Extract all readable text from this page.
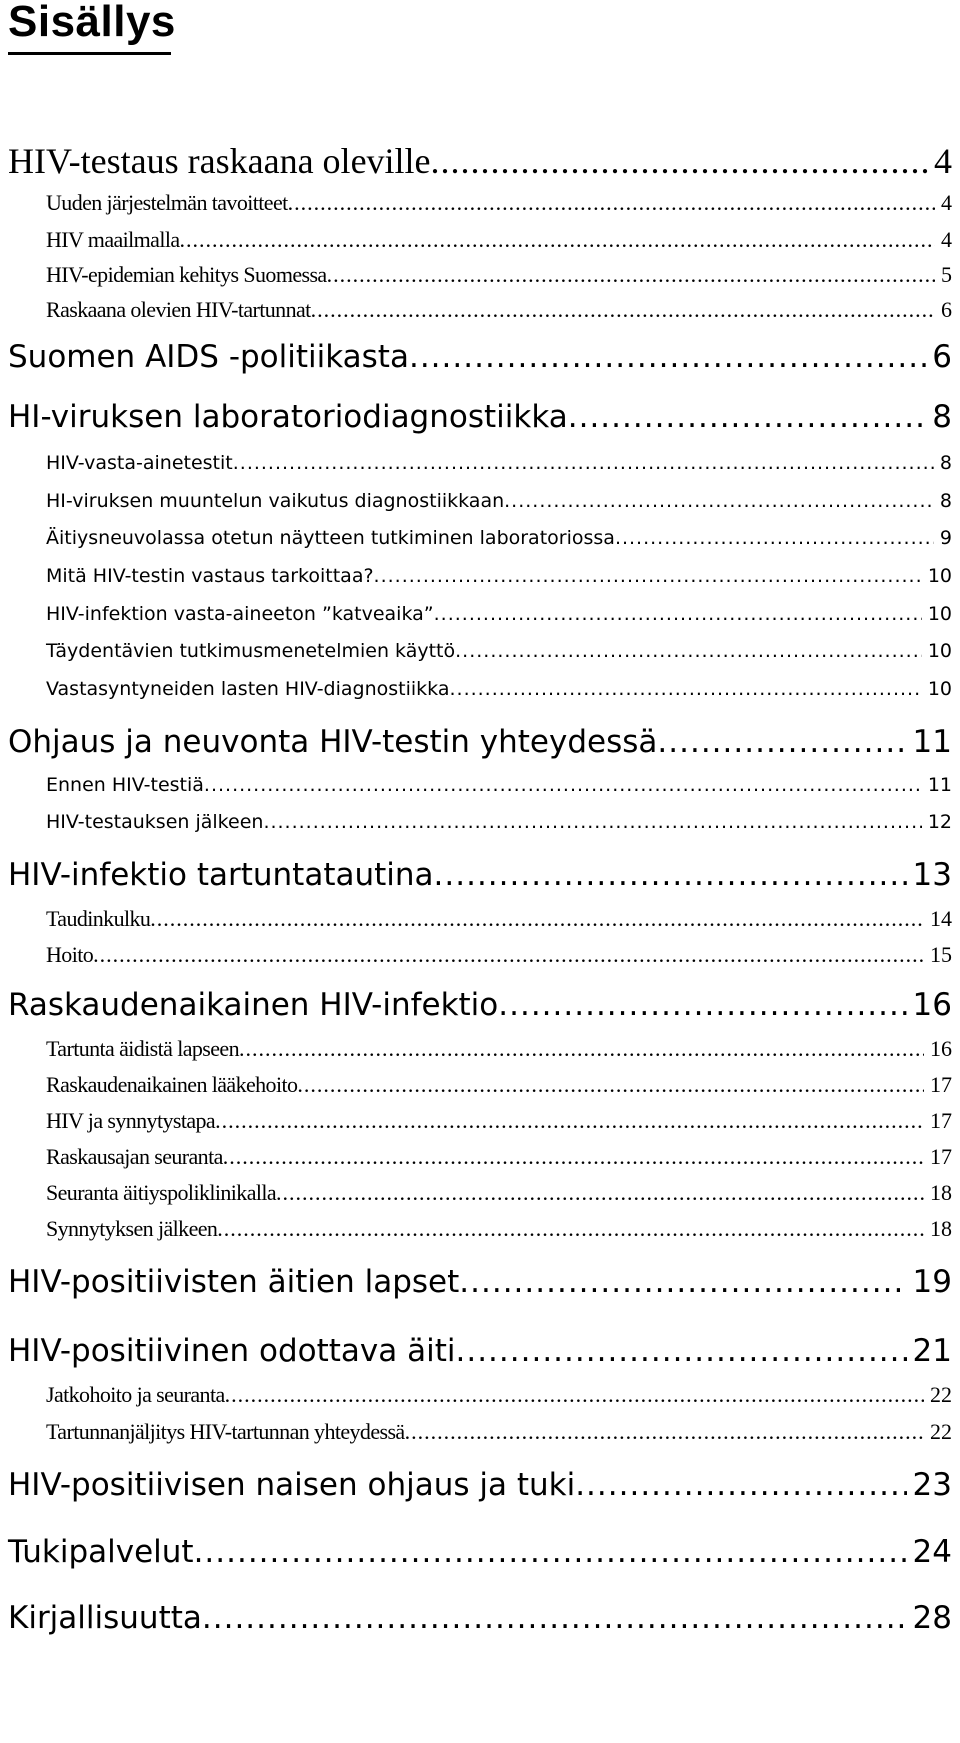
Sisällys
HIV-testaus raskaana oleville .....	4
Uuden järjestelmän tavoitteet .....	4
HIV maailmalla .....	4
HIV-epidemian kehitys Suomessa .....	5
Raskaana olevien HIV-tartunnat .....	6
Suomen AIDS -politiikasta .....	6
HI-viruksen laboratoriodiagnostiikka .....	8
HIV-vasta-ainetestit .....	8
HI-viruksen muuntelun vaikutus diagnostiikkaan .....	8
Äitiysneuvolassa otetun näytteen tutkiminen laboratoriossa .....	9
Mitä HIV-testin vastaus tarkoittaa? .....	10
HIV-infektion vasta-aineeton ”katveaika” .....	10
Täydentävien tutkimusmenetelmien käyttö .....	10
Vastasyntyneiden lasten HIV-diagnostiikka .....	10
Ohjaus ja neuvonta HIV-testin yhteydessä .....	11
Ennen HIV-testiä .....	11
HIV-testauksen jälkeen .....	12
HIV-infektio tartuntatautina .....	13
Taudinkulku .....	14
Hoito .....	15
Raskaudenaikainen HIV-infektio .....	16
Tartunta äidistä lapseen .....	16
Raskaudenaikainen lääkehoito .....	17
HIV ja synnytystapa .....	17
Raskausajan seuranta .....	17
Seuranta äitiyspoliklinikalla .....	18
Synnytyksen jälkeen .....	18
HIV-positiivisten äitien lapset .....	19
HIV-positiivinen odottava äiti .....	21
Jatkohoito ja seuranta .....	22
Tartunnanjäljitys HIV-tartunnan yhteydessä .....	22
HIV-positiivisen naisen ohjaus ja tuki .....	23
Tukipalvelut .....	24
Kirjallisuutta .....	28
